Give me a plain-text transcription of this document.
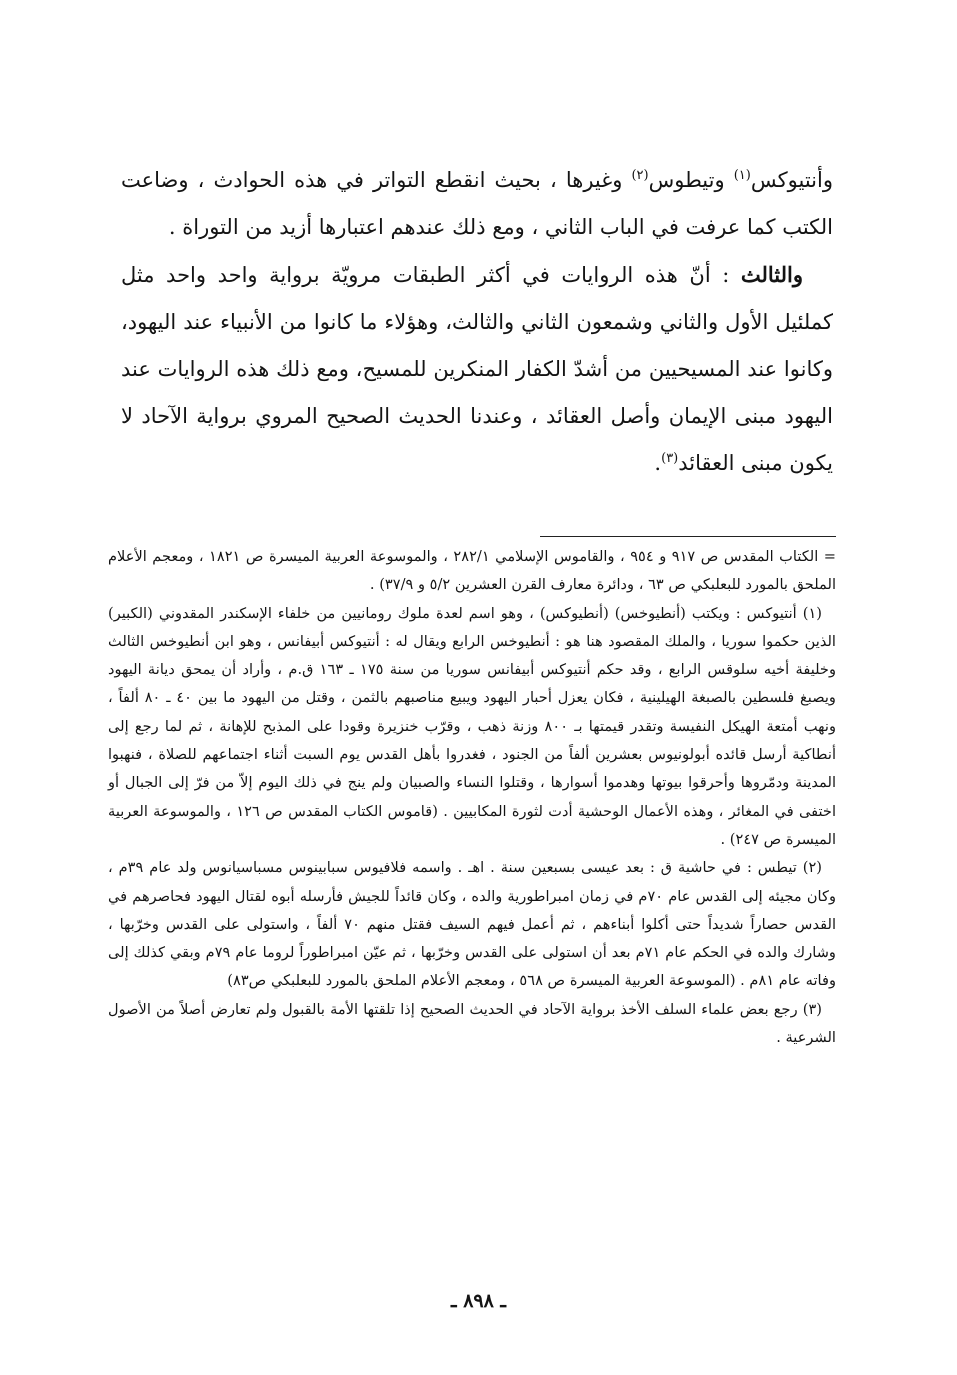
وأنتيوكس$^{(١)}$ وتيطوس$^{(٢)}$ وغيرها ، بحيث انقطع التواتر في هذه الحوادث ، وضاعت الكتب كما عرفت في الباب الثاني ، ومع ذلك عندهم اعتبارها أزيد من التوراة .

والثالث : أنّ هذه الروايات في أكثر الطبقات مرويّة برواية واحد واحد مثل كملئيل الأول والثاني وشمعون الثاني والثالث، وهؤلاء ما كانوا من الأنبياء عند اليهود، وكانوا عند المسيحيين من أشدّ الكفار المنكرين للمسيح، ومع ذلك هذه الروايات عند اليهود مبنى الإيمان وأصل العقائد ، وعندنا الحديث الصحيح المروي برواية الآحاد لا يكون مبنى العقائد$^{(٣)}$.

= الكتاب المقدس ص ٩١٧ و ٩٥٤ ، والقاموس الإسلامي ٢٨٢/١ ، والموسوعة العربية الميسرة ص ١٨٢١ ، ومعجم الأعلام الملحق بالمورد للبعلبكي ص ٦٣ ، ودائرة معارف القرن العشرين ٥/٢ و ٣٧/٩) .

(١) أنتيوكس : ويكتب (أنطيوخس) (أنطيوكس) ، وهو اسم لعدة ملوك رومانيين من خلفاء الإسكندر المقدوني (الكبير) الذين حكموا سوريا ، والملك المقصود هنا هو : أنطيوخس الرابع ويقال له : أنتيوكس أبيفانس ، وهو ابن أنطيوخس الثالث وخليفة أخيه سلوقس الرابع ، وقد حكم أنتيوكس أبيفانس سوريا من سنة ١٧٥ ـ ١٦٣ ق.م ، وأراد أن يمحق ديانة اليهود ويصبغ فلسطين بالصبغة الهيلينية ، فكان يعزل أحبار اليهود ويبيع مناصبهم بالثمن ، وقتل من اليهود ما بين ٤٠ ـ ٨٠ ألفاً ، ونهب أمتعة الهيكل النفيسة وتقدر قيمتها بـ ٨٠٠ وزنة ذهب ، وقرّب خنزيرة وقودا على المذبح للإهانة ، ثم لما رجع إلى أنطاكية أرسل قائده أبولونيوس بعشرين ألفاً من الجنود ، فغدروا بأهل القدس يوم السبت أثناء اجتماعهم للصلاة ، فنهبوا المدينة ودمّروها وأحرقوا بيوتها وهدموا أسوارها ، وقتلوا النساء والصبيان ولم ينج في ذلك اليوم إلاّ من فرّ إلى الجبال أو اختفى في المغائر ، وهذه الأعمال الوحشية أدت لثورة المكابيين . (قاموس الكتاب المقدس ص ١٢٦ ، والموسوعة العربية الميسرة ص ٢٤٧) .

(٢) تيطس : في حاشية ق : بعد عيسى بسبعين سنة . اهـ . واسمه فلافيوس سبابينوس مسباسيانوس ولد عام ٣٩م ، وكان مجيئه إلى القدس عام ٧٠م في زمان امبراطورية والده ، وكان قائداً للجيش فأرسله أبوه لقتال اليهود فحاصرهم في القدس حصاراً شديداً حتى أكلوا أبناءهم ، ثم أعمل فيهم السيف فقتل منهم ٧٠ ألفاً ، واستولى على القدس وخرّبها ، وشارك والده في الحكم عام ٧١م بعد أن استولى على القدس وخرّبها ، ثم عيّن امبراطوراً لروما عام ٧٩م وبقي كذلك إلى وفاته عام ٨١م . (الموسوعة العربية الميسرة ص ٥٦٨ ، ومعجم الأعلام الملحق بالمورد للبعلبكي ص٨٣)

(٣) رجع بعض علماء السلف الأخذ برواية الآحاد في الحديث الصحيح إذا تلقتها الأمة بالقبول ولم تعارض أصلاً من الأصول الشرعية .

ـ ٨٩٨ ـ
